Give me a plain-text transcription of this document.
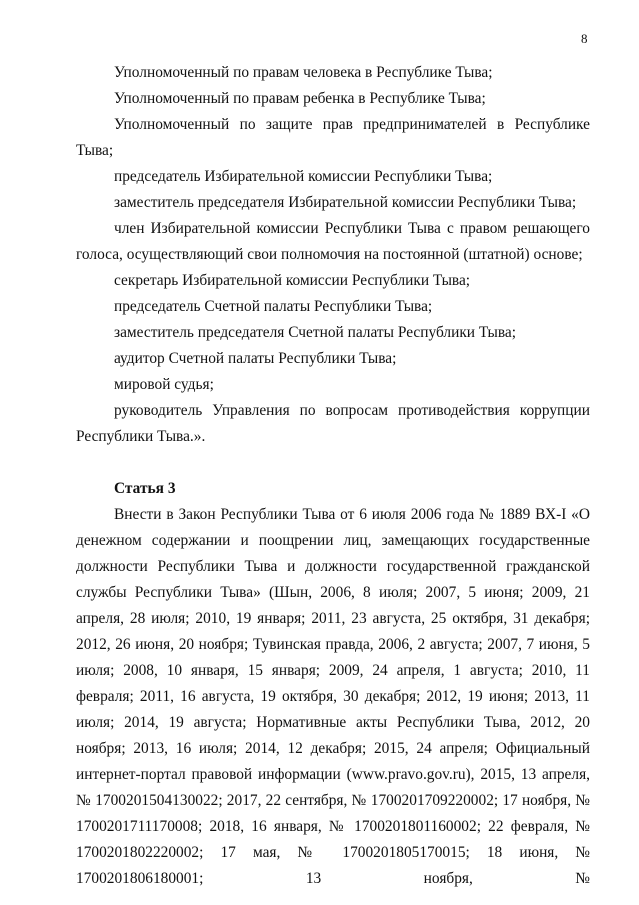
8

Уполномоченный по правам человека в Республике Тыва;

Уполномоченный по правам ребенка в Республике Тыва;

Уполномоченный по защите прав предпринимателей в Республике Тыва;

председатель Избирательной комиссии Республики Тыва;

заместитель председателя Избирательной комиссии Республики Тыва;

член Избирательной комиссии Республики Тыва с правом решающего голоса, осуществляющий свои полномочия на постоянной (штатной) основе;

секретарь Избирательной комиссии Республики Тыва;

председатель Счетной палаты Республики Тыва;

заместитель председателя Счетной палаты Республики Тыва;

аудитор Счетной палаты Республики Тыва;

мировой судья;

руководитель Управления по вопросам противодействия коррупции Республики Тыва.».

Статья 3

Внести в Закон Республики Тыва от 6 июля 2006 года № 1889 ВХ-I «О денежном содержании и поощрении лиц, замещающих государственные должности Республики Тыва и должности государственной гражданской службы Республики Тыва» (Шын, 2006, 8 июля; 2007, 5 июня; 2009, 21 апреля, 28 июля; 2010, 19 января; 2011, 23 августа, 25 октября, 31 декабря; 2012, 26 июня, 20 ноября; Тувинская правда, 2006, 2 августа; 2007, 7 июня, 5 июля; 2008, 10 января, 15 января; 2009, 24 апреля, 1 августа; 2010, 11 февраля; 2011, 16 августа, 19 октября, 30 декабря; 2012, 19 июня; 2013, 11 июля; 2014, 19 августа; Нормативные акты Республики Тыва, 2012, 20 ноября; 2013, 16 июля; 2014, 12 декабря; 2015, 24 апреля; Официальный интернет-портал правовой информации (www.pravo.gov.ru), 2015, 13 апреля, № 1700201504130022; 2017, 22 сентября, № 1700201709220002; 17 ноября, № 1700201711170008; 2018, 16 января, № 1700201801160002; 22 февраля, № 1700201802220002; 17 мая, № 1700201805170015; 18 июня, № 1700201806180001; 13 ноября, №
